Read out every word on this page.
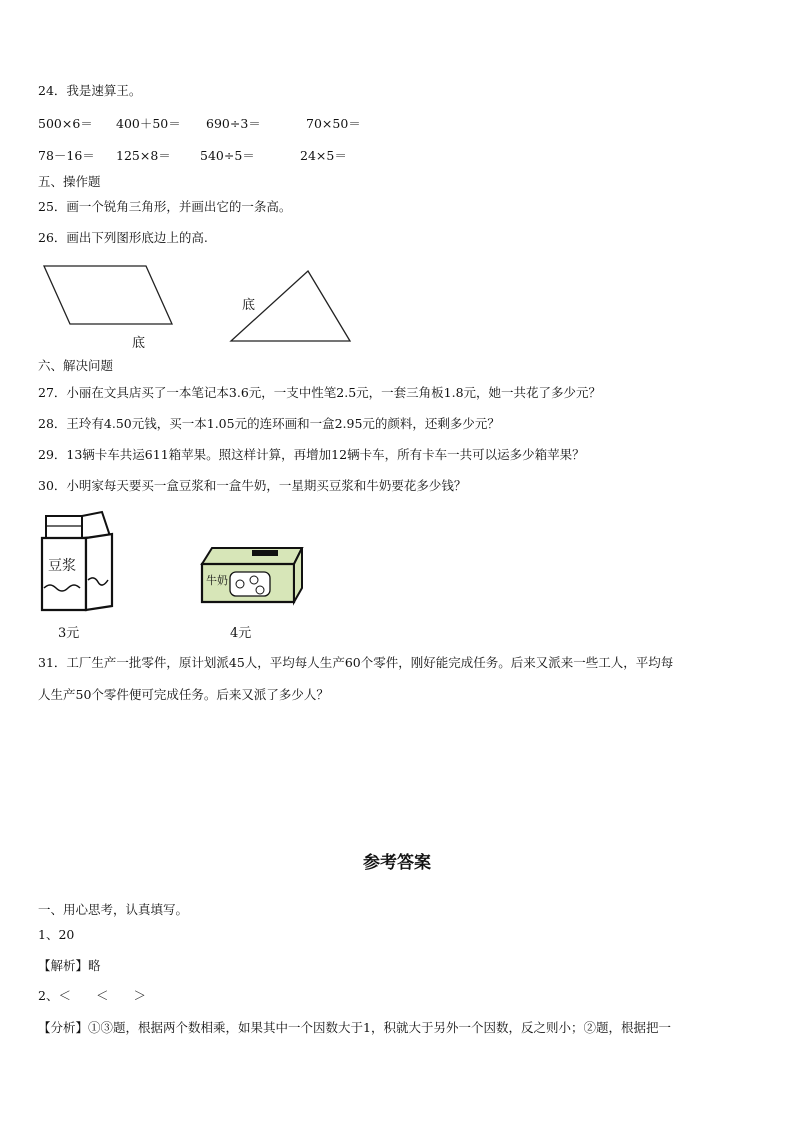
24．我是速算王。
500×6＝ 400＋50＝ 690÷3＝	70×50＝
78－16＝ 125×8＝ 540÷5＝	24×5＝
五、操作题
25．画一个锐角三角形，并画出它的一条高。
26．画出下列图形底边上的高.
底
底
六、解决问题
27．小丽在文具店买了一本笔记本3.6元，一支中性笔2.5元，一套三角板1.8元，她一共花了多少元？
28．王玲有4.50元钱，买一本1.05元的连环画和一盒2.95元的颜料，还剩多少元？
29．13辆卡车共运611箱苹果。照这样计算，再增加12辆卡车，所有卡车一共可以运多少箱苹果？
30．小明家每天要买一盒豆浆和一盒牛奶，一星期买豆浆和牛奶要花多少钱？
豆浆
3元
牛奶
4元
31．工厂生产一批零件，原计划派45人，平均每人生产60个零件，刚好能完成任务。后来又派来一些工人，平均每
人生产50个零件便可完成任务。后来又派了多少人？
参考答案
一、用心思考，认真填写。
1、20
【解析】略
2、＜　　＜　　＞
【分析】①③题，根据两个数相乘，如果其中一个因数大于1，积就大于另外一个因数，反之则小；②题，根据把一
